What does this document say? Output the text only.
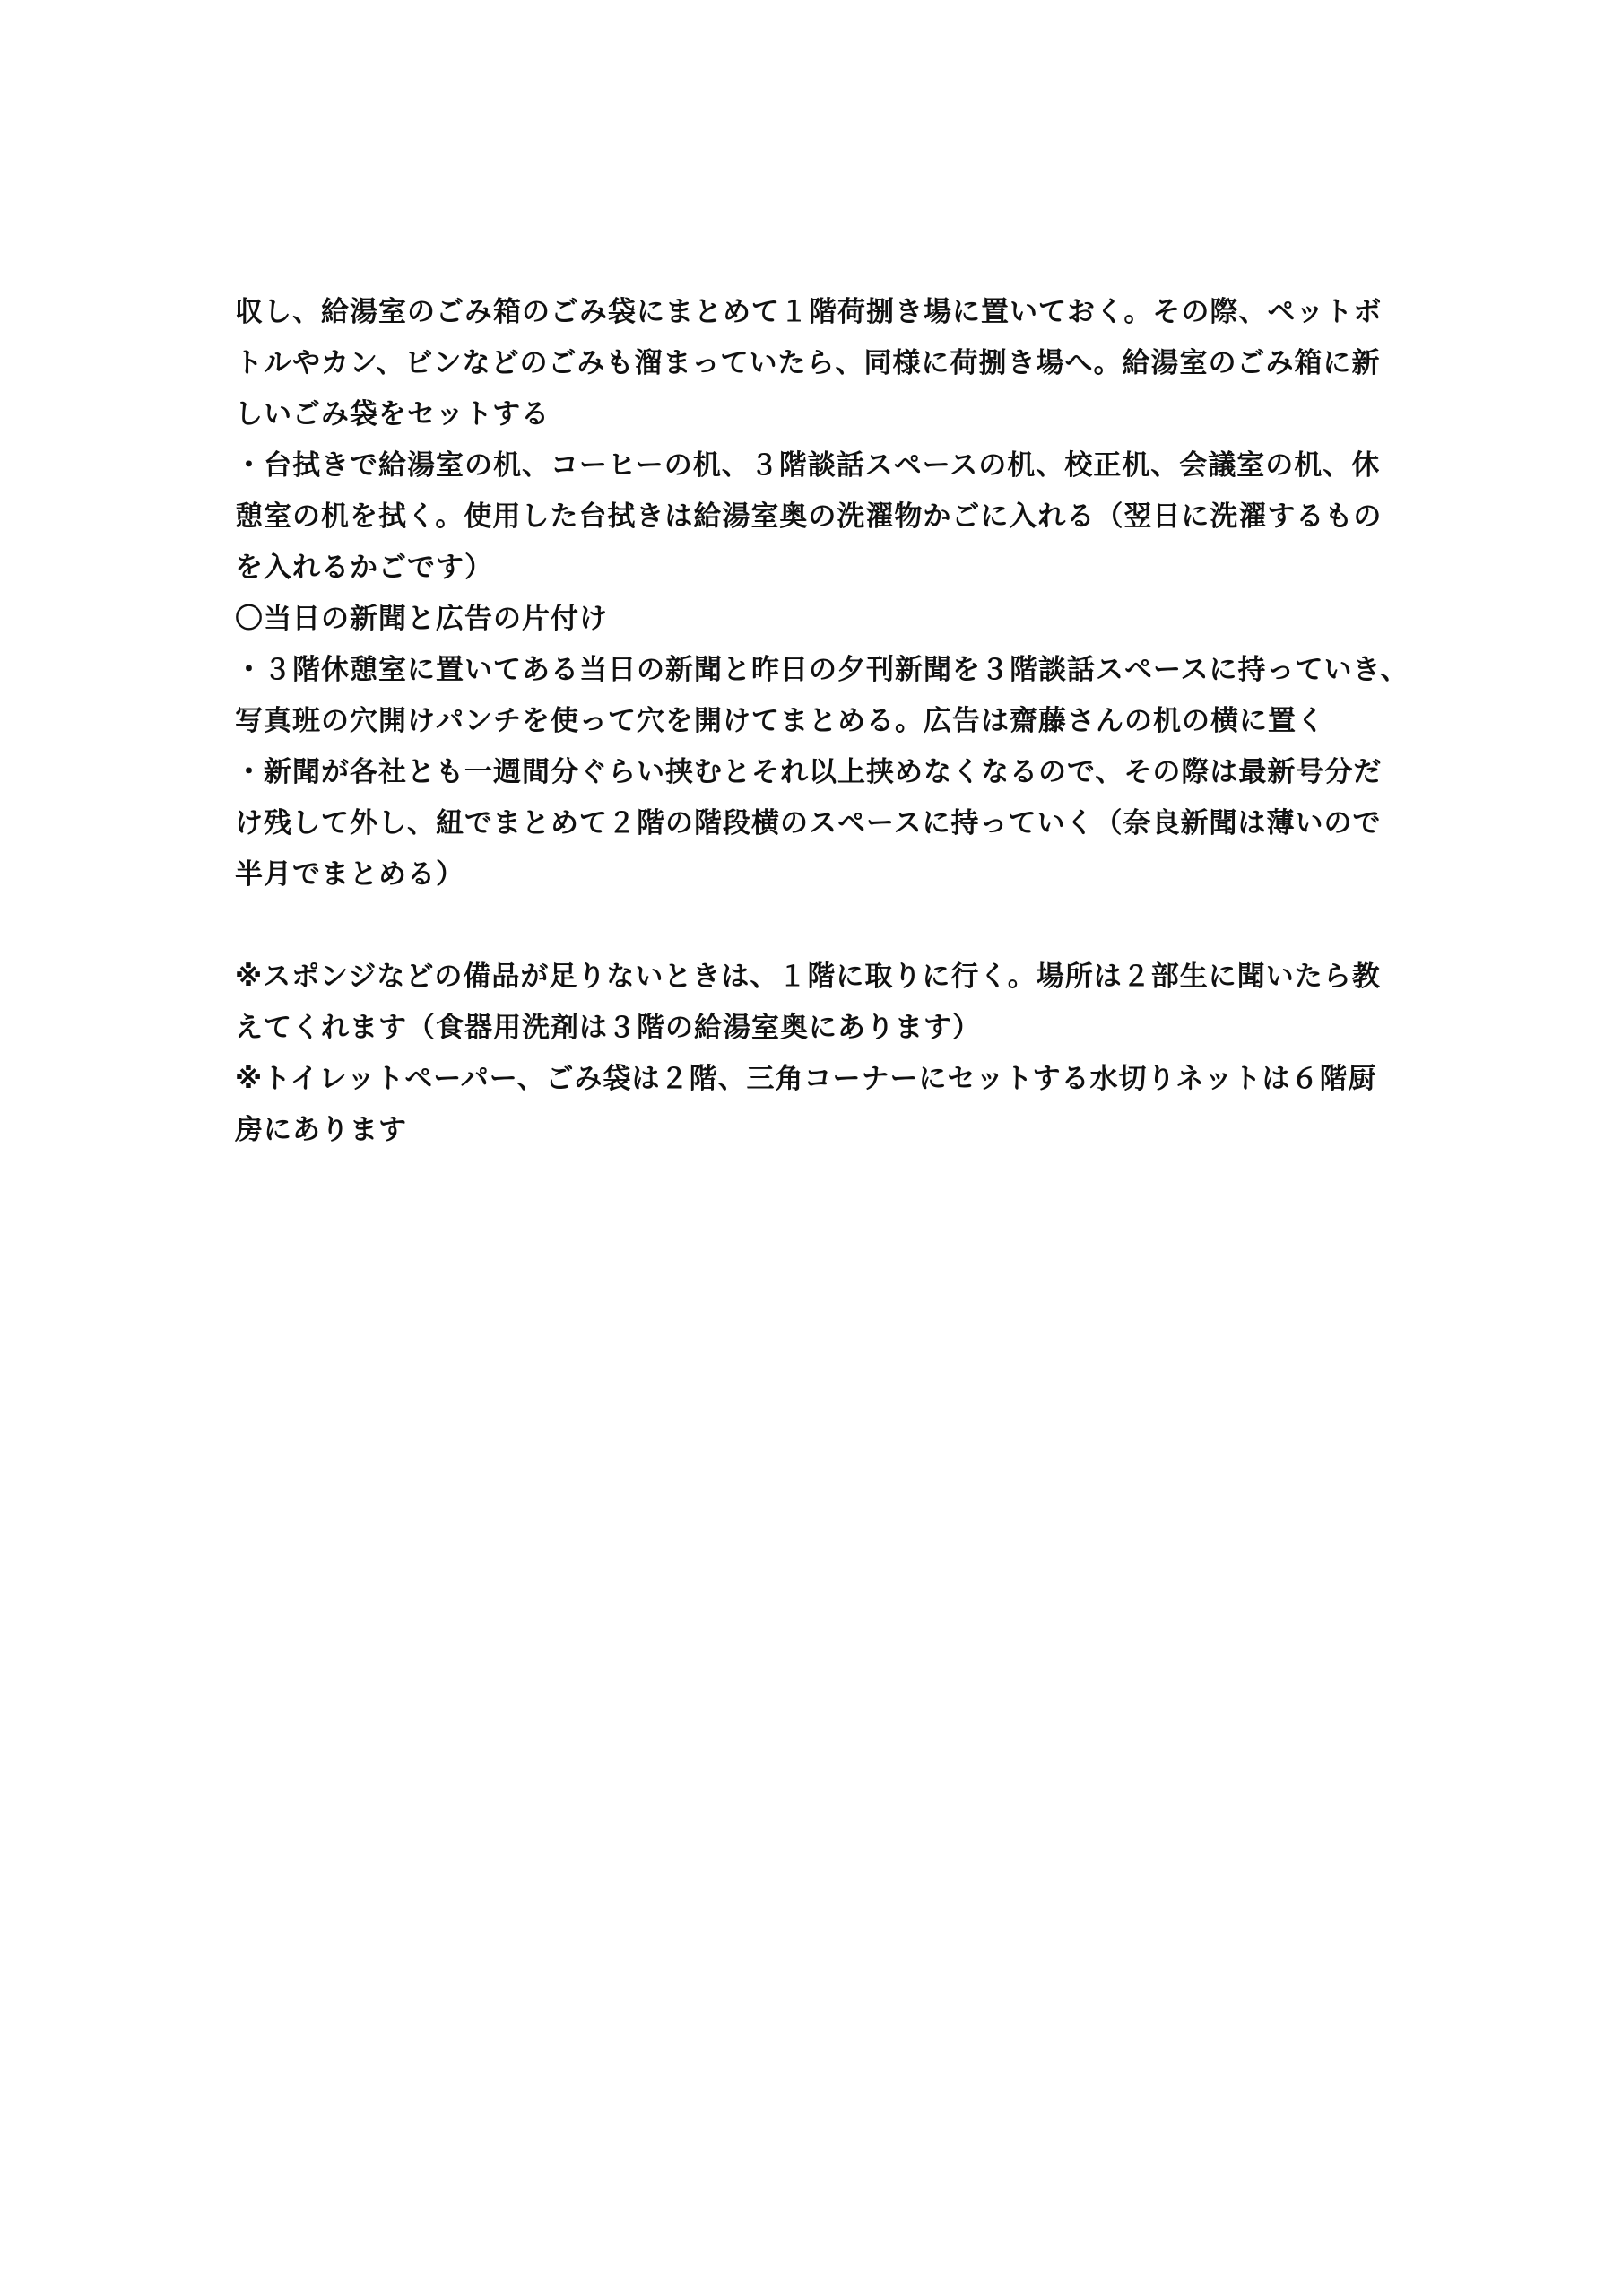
収し、給湯室のごみ箱のごみ袋にまとめて１階荷捌き場に置いておく。その際、ペットボ
トルやカン、ビンなどのごみも溜まっていたら、同様に荷捌き場へ。給湯室のごみ箱に新
しいごみ袋をセットする
・台拭きで給湯室の机、コーヒーの机、３階談話スペースの机、校正机、会議室の机、休
憩室の机を拭く。使用した台拭きは給湯室奥の洗濯物かごに入れる（翌日に洗濯するもの
を入れるかごです）
〇当日の新聞と広告の片付け
・３階休憩室に置いてある当日の新聞と昨日の夕刊新聞を３階談話スペースに持っていき、
写真班の穴開けパンチを使って穴を開けてまとめる。広告は齋藤さんの机の横に置く
・新聞が各社とも一週間分ぐらい挟むとそれ以上挟めなくなるので、その際は最新号分だ
け残して外し、紐でまとめて２階の階段横のスペースに持っていく（奈良新聞は薄いので
半月でまとめる）
※スポンジなどの備品が足りないときは、１階に取りに行く。場所は２部生に聞いたら教
えてくれます（食器用洗剤は３階の給湯室奥にあります）
※トイレットペーパー、ごみ袋は２階、三角コーナーにセットする水切りネットは６階厨
房にあります
